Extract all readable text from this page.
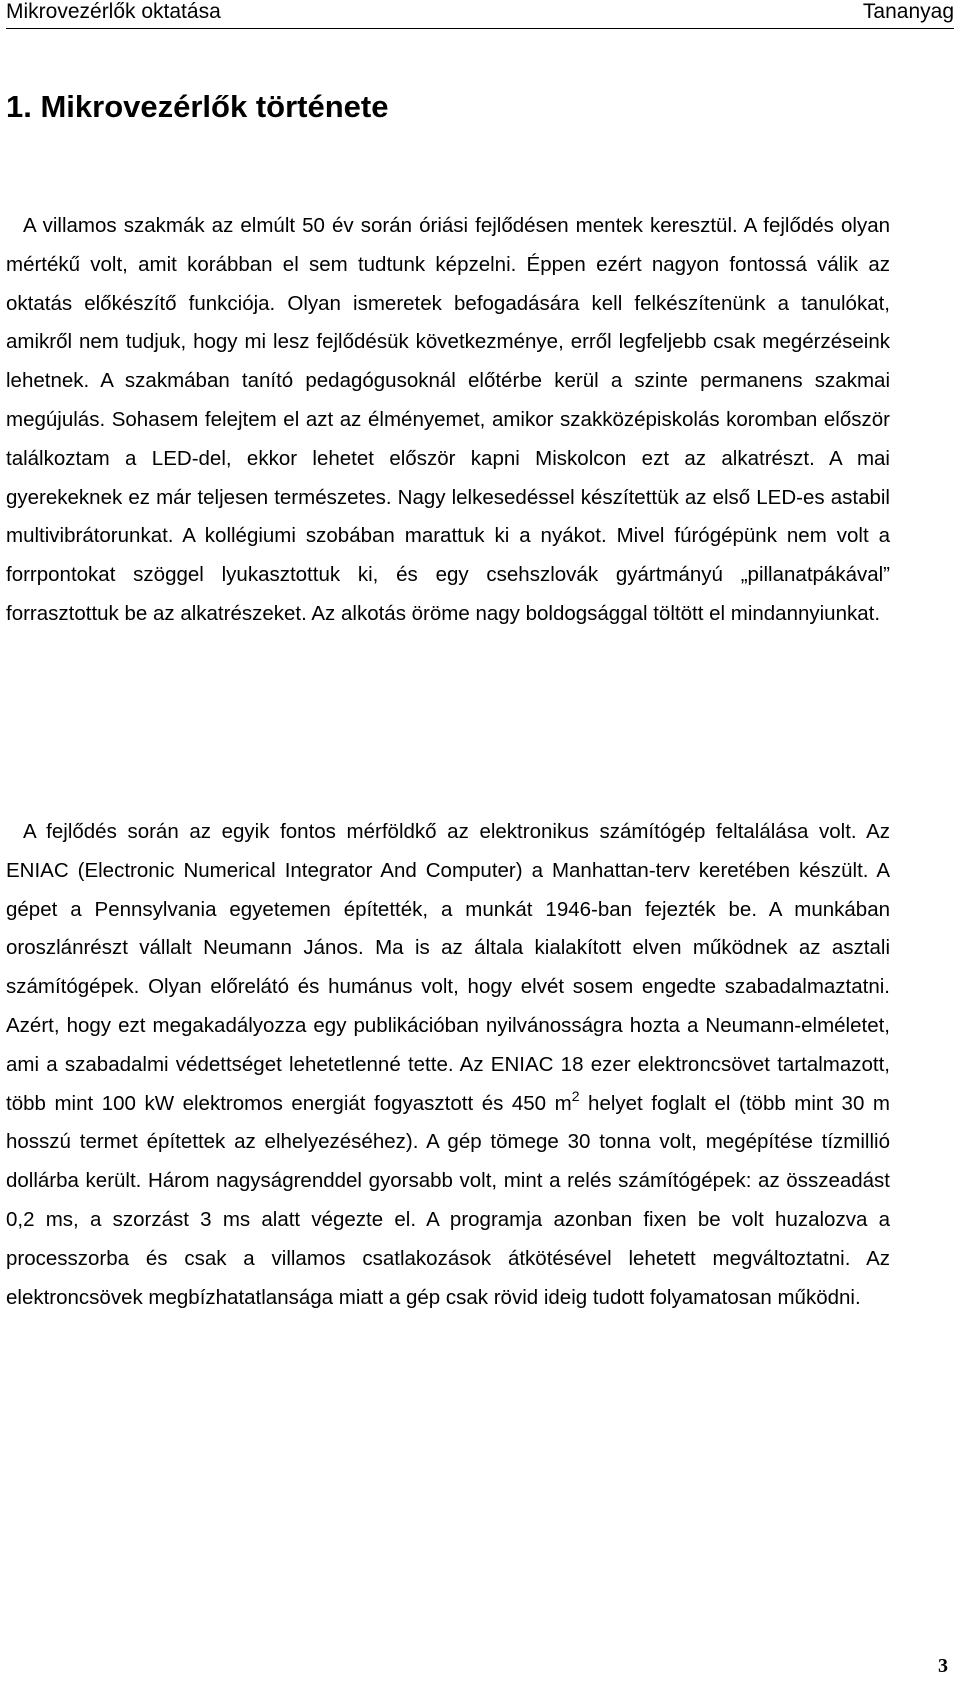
Mikrovezérlők oktatása	Tananyag
1. Mikrovezérlők története

A villamos szakmák az elmúlt 50 év során óriási fejlődésen mentek keresztül. A fejlődés olyan mértékű volt, amit korábban el sem tudtunk képzelni. Éppen ezért nagyon fontossá válik az oktatás előkészítő funkciója. Olyan ismeretek befogadására kell felkészítenünk a tanulókat, amikről nem tudjuk, hogy mi lesz fejlődésük következménye, erről legfeljebb csak megérzéseink lehetnek. A szakmában tanító pedagógusoknál előtérbe kerül a szinte permanens szakmai megújulás. Sohasem felejtem el azt az élményemet, amikor szakközépiskolás koromban először találkoztam a LED-del, ekkor lehetet először kapni Miskolcon ezt az alkatrészt. A mai gyerekeknek ez már teljesen természetes. Nagy lelkesedéssel készítettük az első LED-es astabil multivibrátorunkat. A kollégiumi szobában marattuk ki a nyákot. Mivel fúrógépünk nem volt a forrpontokat szöggel lyukasztottuk ki, és egy csehszlovák gyártmányú „pillanatpákával” forrasztottuk be az alkatrészeket. Az alkotás öröme nagy boldogsággal töltött el mindannyiunkat.

A fejlődés során az egyik fontos mérföldkő az elektronikus számítógép feltalálása volt. Az ENIAC (Electronic Numerical Integrator And Computer) a Manhattan-terv keretében készült. A gépet a Pennsylvania egyetemen építették, a munkát 1946-ban fejezték be. A munkában oroszlánrészt vállalt Neumann János. Ma is az általa kialakított elven működnek az asztali számítógépek. Olyan előrelátó és humánus volt, hogy elvét sosem engedte szabadalmaztatni. Azért, hogy ezt megakadályozza egy publikációban nyilvánosságra hozta a Neumann-elméletet, ami a szabadalmi védettséget lehetetlenné tette. Az ENIAC 18 ezer elektroncsövet tartalmazott, több mint 100 kW elektromos energiát fogyasztott és 450 $m^2$ helyet foglalt el (több mint 30 m hosszú termet építettek az elhelyezéséhez). A gép tömege 30 tonna volt, megépítése tízmillió dollárba került. Három nagyságrenddel gyorsabb volt, mint a relés számítógépek: az összeadást 0,2 ms, a szorzást 3 ms alatt végezte el. A programja azonban fixen be volt huzalozva a processzorba és csak a villamos csatlakozások átkötésével lehetett megváltoztatni. Az elektroncsövek megbízhatatlansága miatt a gép csak rövid ideig tudott folyamatosan működni.

3
